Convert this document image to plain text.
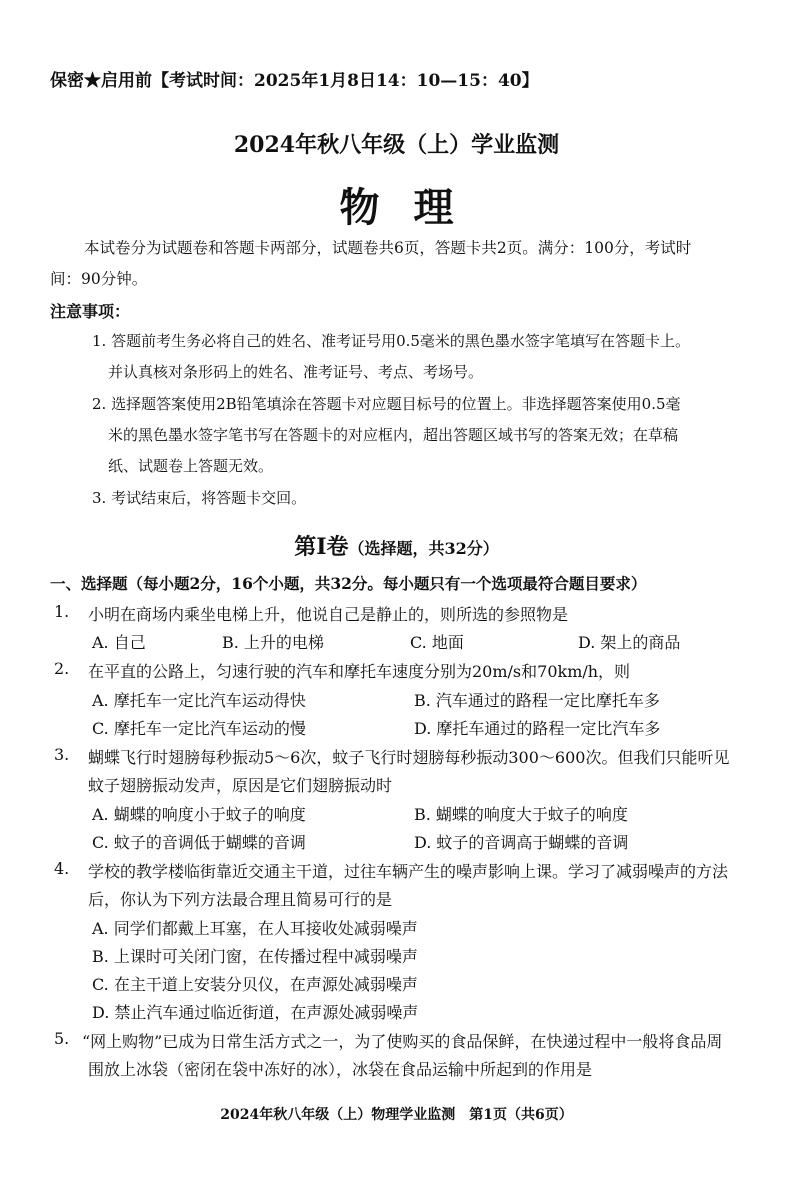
保密★启用前【考试时间：2025年1月8日14：10—15：40】
2024年秋八年级（上）学业监测
物理
本试卷分为试题卷和答题卡两部分，试题卷共6页，答题卡共2页。满分：100分，考试时
间：90分钟。
注意事项：
1. 答题前考生务必将自己的姓名、准考证号用0.5毫米的黑色墨水签字笔填写在答题卡上。
并认真核对条形码上的姓名、准考证号、考点、考场号。
2. 选择题答案使用2B铅笔填涂在答题卡对应题目标号的位置上。非选择题答案使用0.5毫
米的黑色墨水签字笔书写在答题卡的对应框内，超出答题区域书写的答案无效；在草稿
纸、试题卷上答题无效。
3. 考试结束后，将答题卡交回。
第Ⅰ卷（选择题，共32分）
一、选择题（每小题2分，16个小题，共32分。每小题只有一个选项最符合题目要求）
1. 小明在商场内乘坐电梯上升，他说自己是静止的，则所选的参照物是
A. 自己	B. 上升的电梯	C. 地面	D. 架上的商品
2. 在平直的公路上，匀速行驶的汽车和摩托车速度分别为20m/s和70km/h，则
A. 摩托车一定比汽车运动得快	B. 汽车通过的路程一定比摩托车多
C. 摩托车一定比汽车运动的慢	D. 摩托车通过的路程一定比汽车多
3. 蝴蝶飞行时翅膀每秒振动5～6次，蚊子飞行时翅膀每秒振动300～600次。但我们只能听见
蚊子翅膀振动发声，原因是它们翅膀振动时
A. 蝴蝶的响度小于蚊子的响度	B. 蝴蝶的响度大于蚊子的响度
C. 蚊子的音调低于蝴蝶的音调	D. 蚊子的音调高于蝴蝶的音调
4. 学校的教学楼临街靠近交通主干道，过往车辆产生的噪声影响上课。学习了减弱噪声的方法
后，你认为下列方法最合理且简易可行的是
A. 同学们都戴上耳塞，在人耳接收处减弱噪声
B. 上课时可关闭门窗，在传播过程中减弱噪声
C. 在主干道上安装分贝仪，在声源处减弱噪声
D. 禁止汽车通过临近街道，在声源处减弱噪声
5. “网上购物”已成为日常生活方式之一，为了使购买的食品保鲜，在快递过程中一般将食品周
围放上冰袋（密闭在袋中冻好的冰），冰袋在食品运输中所起到的作用是
2024年秋八年级（上）物理学业监测　第1页（共6页）
